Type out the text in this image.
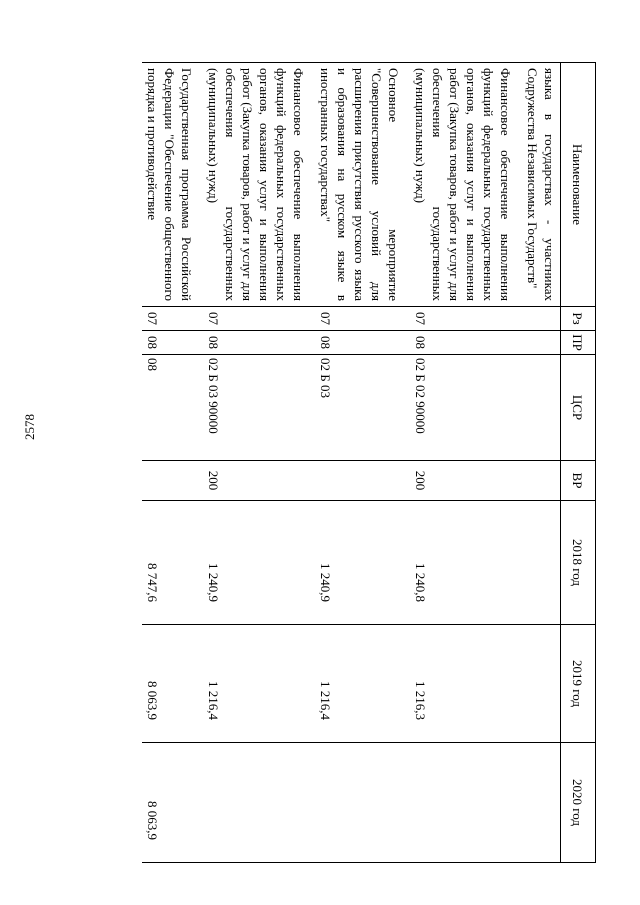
2578
Наименование	Рз	ПР	ЦСР	ВР	2018 год	2019 год	2020 год
языка в государствах - участниках Содружества Независимых Государств"							

Финансовое обеспечение выполнения функций федеральных государственных органов, оказания услуг и выполнения работ (Закупка товаров, работ и услуг для обеспечения государственных (муниципальных) нужд)	07	08	02 Б 02 90000	200	1 240,8	1 216,3	

Основное мероприятие "Совершенствование условий для расширения присутствия русского языка и образования на русском языке в иностранных государствах"	07	08	02 Б 03		1 240,9	1 216,4	

Финансовое обеспечение выполнения функций федеральных государственных органов, оказания услуг и выполнения работ (Закупка товаров, работ и услуг для обеспечения государственных (муниципальных) нужд)	07	08	02 Б 03 90000	200	1 240,9	1 216,4	

Государственная программа Российской Федерации "Обеспечение общественного порядка и противодействие	07	08	08		8 747,6	8 063,9	8 063,9
